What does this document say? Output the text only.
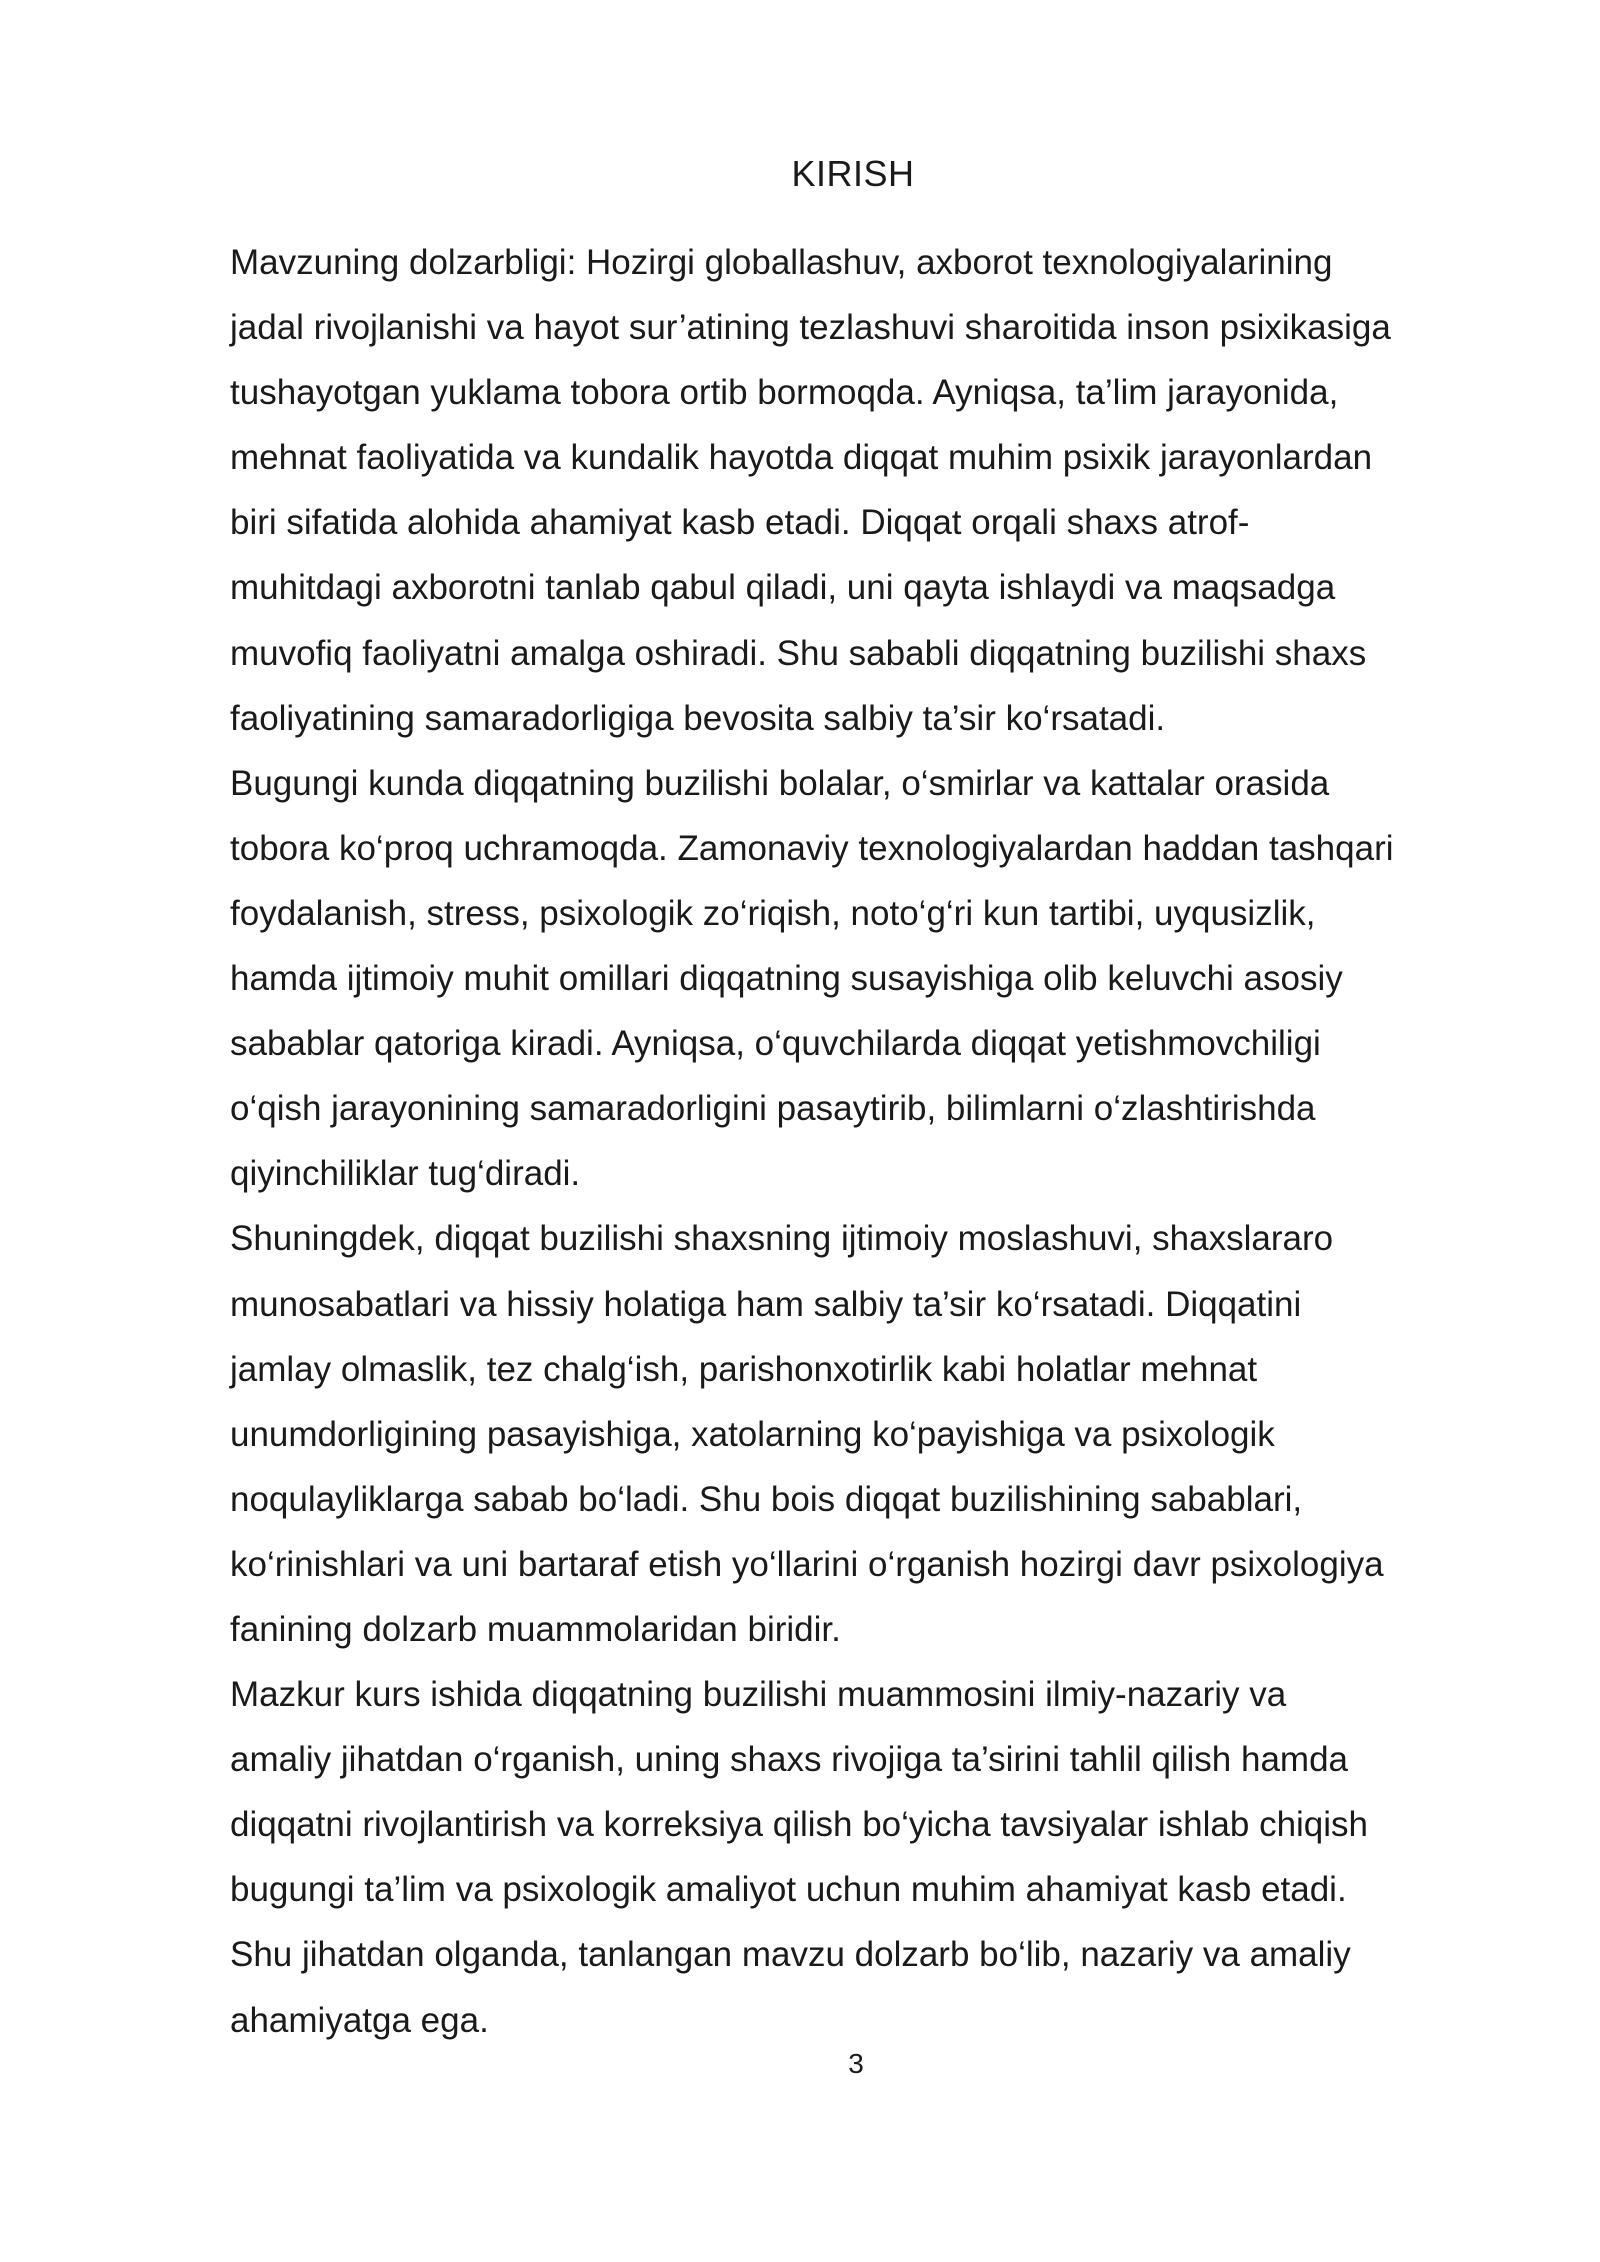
KIRISH
Mavzuning dolzarbligi: Hozirgi globallashuv, axborot texnologiyalarining
jadal rivojlanishi va hayot sur’atining tezlashuvi sharoitida inson psixikasiga
tushayotgan yuklama tobora ortib bormoqda. Ayniqsa, ta’lim jarayonida,
mehnat faoliyatida va kundalik hayotda diqqat muhim psixik jarayonlardan
biri sifatida alohida ahamiyat kasb etadi. Diqqat orqali shaxs atrof-
muhitdagi axborotni tanlab qabul qiladi, uni qayta ishlaydi va maqsadga
muvofiq faoliyatni amalga oshiradi. Shu sababli diqqatning buzilishi shaxs
faoliyatining samaradorligiga bevosita salbiy ta’sir ko‘rsatadi.
Bugungi kunda diqqatning buzilishi bolalar, o‘smirlar va kattalar orasida
tobora ko‘proq uchramoqda. Zamonaviy texnologiyalardan haddan tashqari
foydalanish, stress, psixologik zo‘riqish, noto‘g‘ri kun tartibi, uyqusizlik,
hamda ijtimoiy muhit omillari diqqatning susayishiga olib keluvchi asosiy
sabablar qatoriga kiradi. Ayniqsa, o‘quvchilarda diqqat yetishmovchiligi
o‘qish jarayonining samaradorligini pasaytirib, bilimlarni o‘zlashtirishda
qiyinchiliklar tug‘diradi.
Shuningdek, diqqat buzilishi shaxsning ijtimoiy moslashuvi, shaxslararo
munosabatlari va hissiy holatiga ham salbiy ta’sir ko‘rsatadi. Diqqatini
jamlay olmaslik, tez chalg‘ish, parishonxotirlik kabi holatlar mehnat
unumdorligining pasayishiga, xatolarning ko‘payishiga va psixologik
noqulayliklarga sabab bo‘ladi. Shu bois diqqat buzilishining sabablari,
ko‘rinishlari va uni bartaraf etish yo‘llarini o‘rganish hozirgi davr psixologiya
fanining dolzarb muammolaridan biridir.
Mazkur kurs ishida diqqatning buzilishi muammosini ilmiy-nazariy va
amaliy jihatdan o‘rganish, uning shaxs rivojiga ta’sirini tahlil qilish hamda
diqqatni rivojlantirish va korreksiya qilish bo‘yicha tavsiyalar ishlab chiqish
bugungi ta’lim va psixologik amaliyot uchun muhim ahamiyat kasb etadi.
Shu jihatdan olganda, tanlangan mavzu dolzarb bo‘lib, nazariy va amaliy
ahamiyatga ega.
3
